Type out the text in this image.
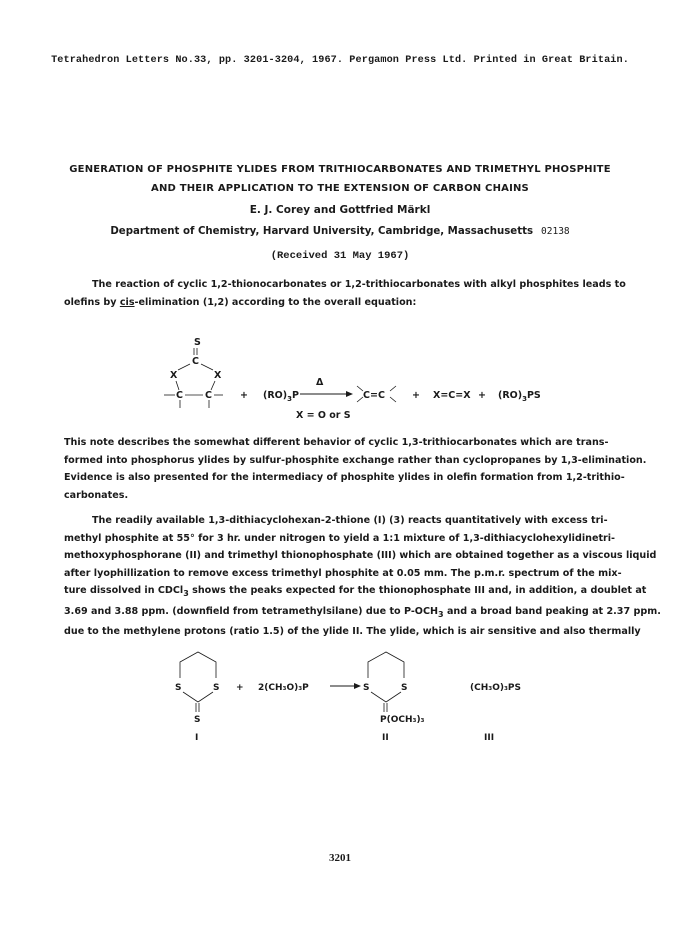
Tetrahedron Letters No.33, pp. 3201-3204, 1967. Pergamon Press Ltd. Printed in Great Britain.
GENERATION OF PHOSPHITE YLIDES FROM TRITHIOCARBONATES AND TRIMETHYL PHOSPHITE
AND THEIR APPLICATION TO THE EXTENSION OF CARBON CHAINS
E. J. Corey and Gottfried Märkl
Department of Chemistry, Harvard University, Cambridge, Massachusetts 02138
(Received 31 May 1967)
The reaction of cyclic 1,2-thionocarbonates or 1,2-trithiocarbonates with alkyl phosphites leads to
olefins by cis-elimination (1,2) according to the overall equation:
S
C
X	X
C C	+ $(RO)_3P$
Δ
C=C	+ $X=C=X + (RO)_3PS$
X = O or S
This note describes the somewhat different behavior of cyclic 1,3-trithiocarbonates which are trans-
formed into phosphorus ylides by sulfur-phosphite exchange rather than cyclopropanes by 1,3-elimination.
Evidence is also presented for the intermediacy of phosphite ylides in olefin formation from 1,2-trithio-
carbonates.
The readily available 1,3-dithiacyclohexan-2-thione (I) (3) reacts quantitatively with excess tri-
methyl phosphite at 55° for 3 hr. under nitrogen to yield a 1:1 mixture of 1,3-dithiacyclohexylidinetri-
methoxyphosphorane (II) and trimethyl thionophosphate (III) which are obtained together as a viscous liquid
after lyophillization to remove excess trimethyl phosphite at 0.05 mm. The p.m.r. spectrum of the mix-
ture dissolved in CDCl$_3$ shows the peaks expected for the thionophosphate III and, in addition, a doublet at
3.69 and 3.88 ppm. (downfield from tetramethylsilane) due to $P-OCH_3$ and a broad band peaking at 2.37 ppm.
due to the methylene protons (ratio 1.5) of the ylide II. The ylide, which is air sensitive and also thermally
S	S
S
I
+ 2(CH₃O)₃P	S	S
P(OCH₃)₃
II
(CH₃O)₃PS
III
3201
